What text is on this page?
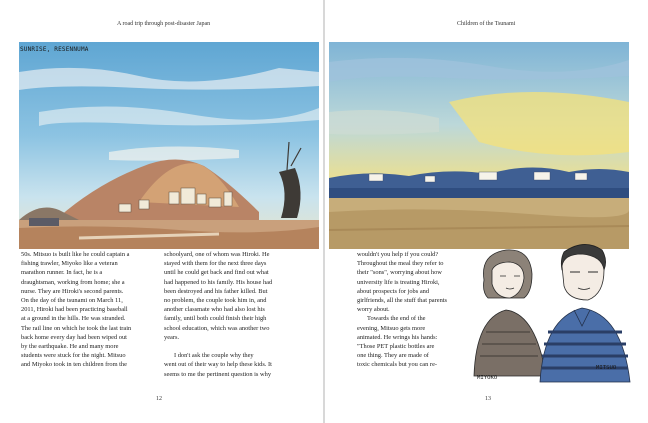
A road trip through post-disaster Japan
SUNRISE, RESENNUMA

50s. Mitsuo is built like he could captain a
fishing trawler, Miyoko like a veteran
marathon runner. In fact, he is a
draughtsman, working from home; she a
nurse. They are Hiroki's second parents.
On the day of the tsunami on March 11,
2011, Hiroki had been practicing baseball
at a ground in the hills. He was stranded.
The rail line on which he took the last train
back home every day had been wiped out
by the earthquake. He and many more
students were stuck for the night. Mitsuo
and Miyoko took in ten children from the

schoolyard, one of whom was Hiroki. He
stayed with them for the next three days
until he could get back and find out what
had happened to his family. His house had
been destroyed and his father killed. But
no problem, the couple took him in, and
another classmate who had also lost his
family, until both could finish their high
school education, which was another two
years.

I don't ask the couple why they
went out of their way to help these kids. It
seems to me the pertinent question is why

12
Children of the Tsunami

wouldn't you help if you could?
Throughout the meal they refer to
their "sons", worrying about how
university life is treating Hiroki,
about prospects for jobs and
girlfriends, all the stuff that parents
worry about.

Towards the end of the
evening, Mitsuo gets more
animated. He wrings his hands:
"Those PET plastic bottles are
one thing. They are made of
toxic chemicals but you can re-

MIYOKO
MITSUO
13
